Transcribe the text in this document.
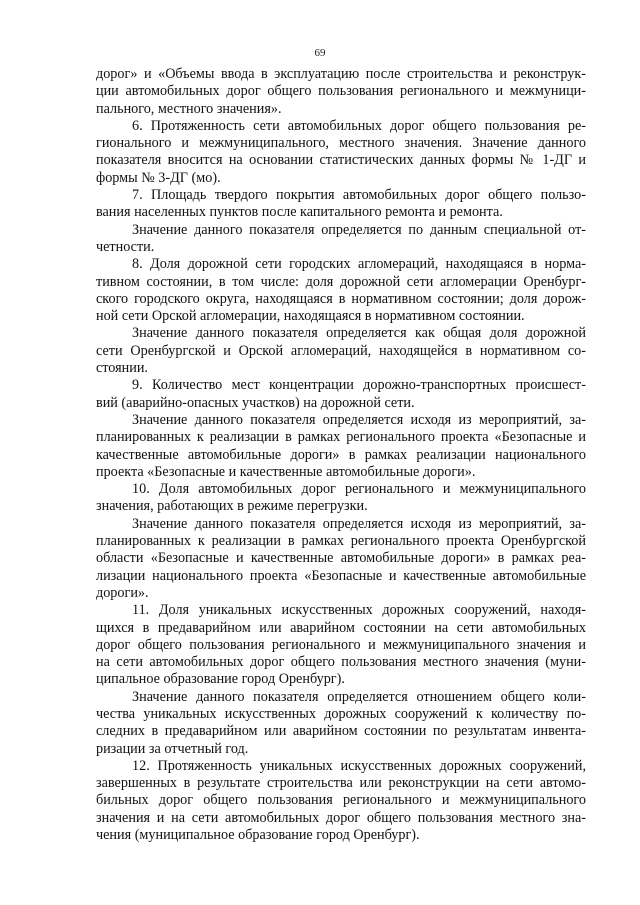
69
дорог» и «Объемы ввода в эксплуатацию после строительства и реконструк-
ции автомобильных дорог общего пользования регионального и межмуници-
пального, местного значения».
6. Протяженность сети автомобильных дорог общего пользования ре-
гионального и межмуниципального, местного значения. Значение данного
показателя вносится на основании статистических данных формы № 1-ДГ и
формы № 3-ДГ (мо).
7. Площадь твердого покрытия автомобильных дорог общего пользо-
вания населенных пунктов после капитального ремонта и ремонта.
Значение данного показателя определяется по данным специальной от-
четности.
8. Доля дорожной сети городских агломераций, находящаяся в норма-
тивном состоянии, в том числе: доля дорожной сети агломерации Оренбург-
ского городского округа, находящаяся в нормативном состоянии; доля дорож-
ной сети Орской агломерации, находящаяся в нормативном состоянии.
Значение данного показателя определяется как общая доля дорожной
сети Оренбургской и Орской агломераций, находящейся в нормативном со-
стоянии.
9. Количество мест концентрации дорожно-транспортных происшест-
вий (аварийно-опасных участков) на дорожной сети.
Значение данного показателя определяется исходя из мероприятий, за-
планированных к реализации в рамках регионального проекта «Безопасные и
качественные автомобильные дороги» в рамках реализации национального
проекта «Безопасные и качественные автомобильные дороги».
10. Доля автомобильных дорог регионального и межмуниципального
значения, работающих в режиме перегрузки.
Значение данного показателя определяется исходя из мероприятий, за-
планированных к реализации в рамках регионального проекта Оренбургской
области «Безопасные и качественные автомобильные дороги» в рамках реа-
лизации национального проекта «Безопасные и качественные автомобильные
дороги».
11. Доля уникальных искусственных дорожных сооружений, находя-
щихся в предаварийном или аварийном состоянии на сети автомобильных
дорог общего пользования регионального и межмуниципального значения и
на сети автомобильных дорог общего пользования местного значения (муни-
ципальное образование город Оренбург).
Значение данного показателя определяется отношением общего коли-
чества уникальных искусственных дорожных сооружений к количеству по-
следних в предаварийном или аварийном состоянии по результатам инвента-
ризации за отчетный год.
12. Протяженность уникальных искусственных дорожных сооружений,
завершенных в результате строительства или реконструкции на сети автомо-
бильных дорог общего пользования регионального и межмуниципального
значения и на сети автомобильных дорог общего пользования местного зна-
чения (муниципальное образование город Оренбург).
